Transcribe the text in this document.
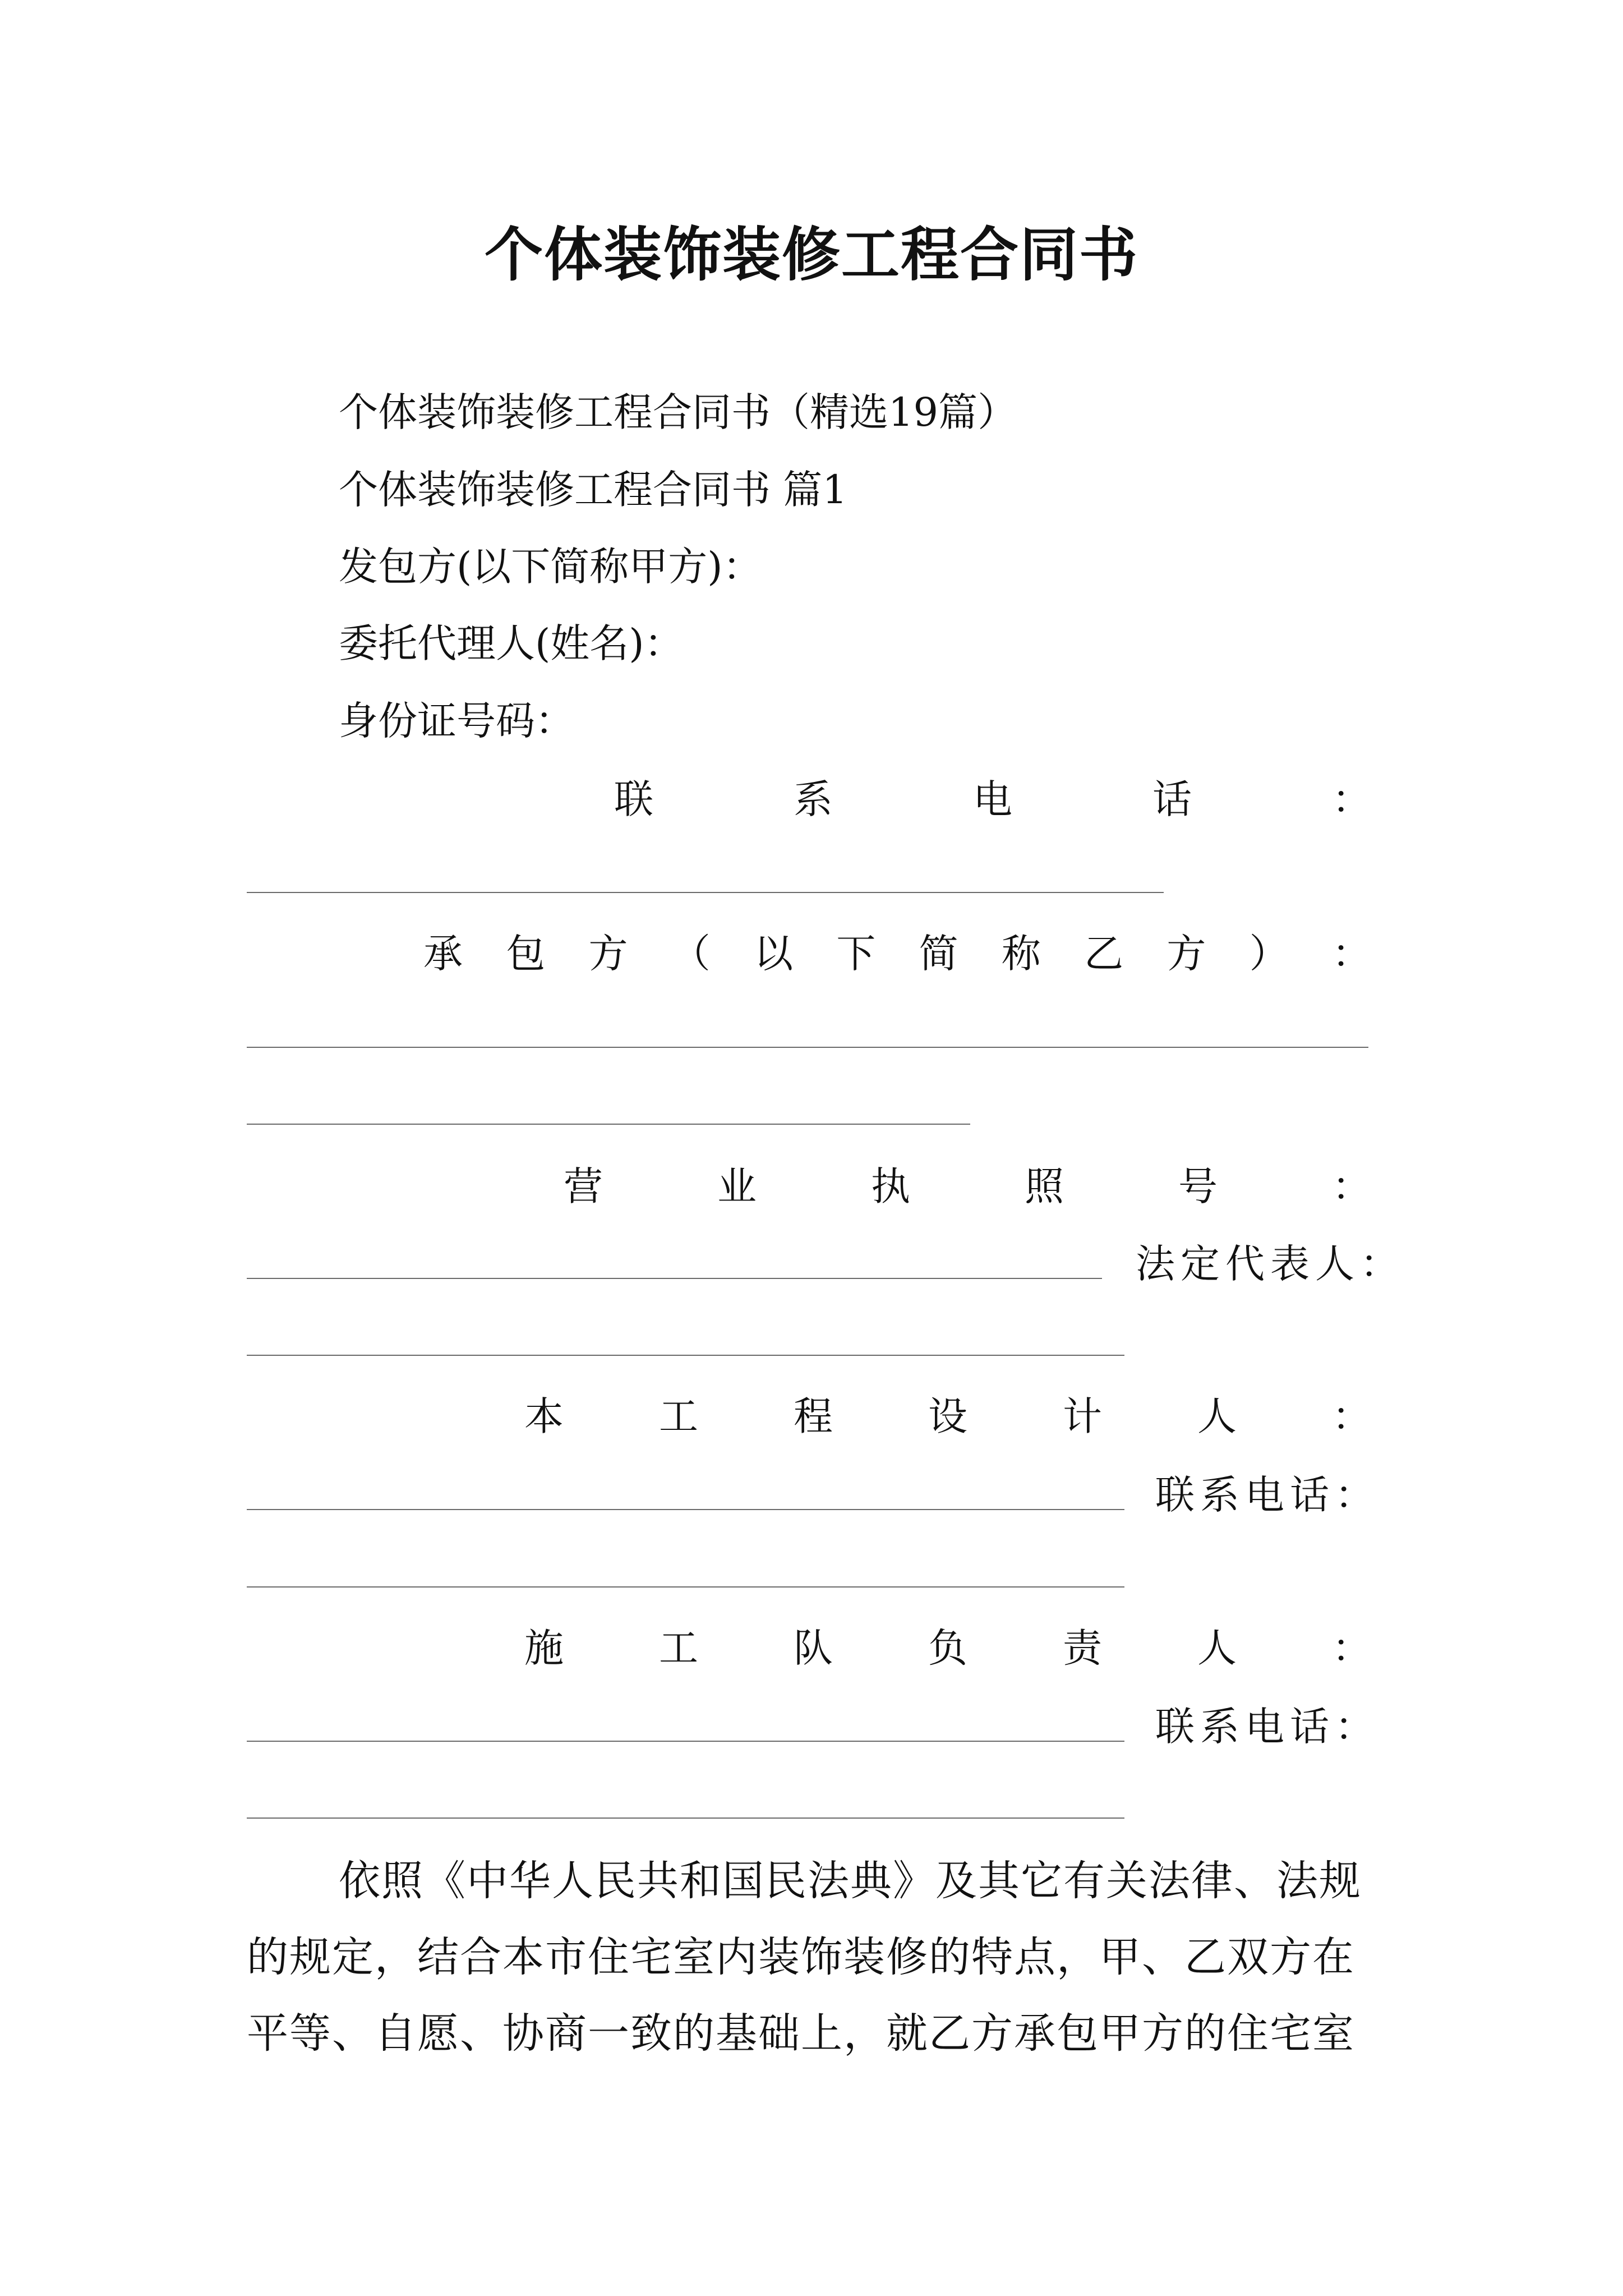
个体装饰装修工程合同书
个体装饰装修工程合同书（精选19篇）
个体装饰装修工程合同书 篇1
发包方(以下简称甲方)：
委托代理人(姓名)：
身份证号码：
联	系	电	话	：
承 包 方 （ 以 下 简 称 乙 方 ） ：
营	业	执	照	号	：
法定代表人：
本 工 程 设 计 人 ：
联系电话：
施 工 队 负 责 人 ：
联系电话：
依照《中华人民共和国民法典》及其它有关法律、法规的规定，结合本市住宅室内装饰装修的特点，甲、乙双方在平等、自愿、协商一致的基础上，就乙方承包甲方的住宅室
